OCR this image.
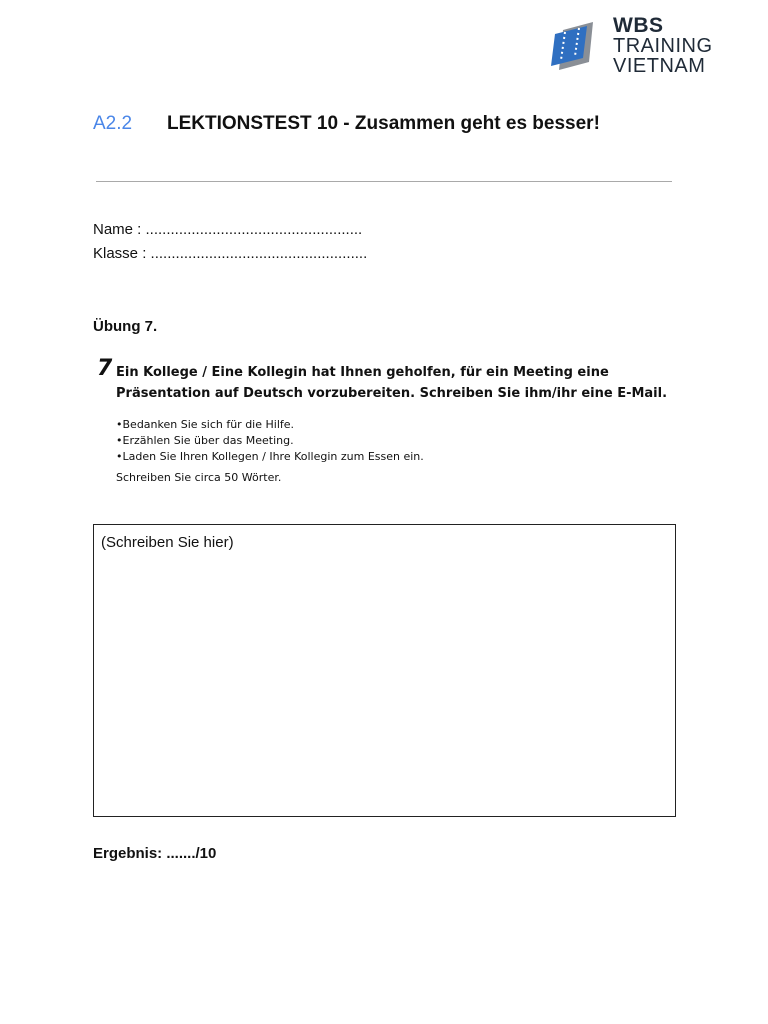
WBS
TRAINING
VIETNAM
A2.2 LEKTIONSTEST 10 - Zusammen geht es besser!
Name : ....................................................
Klasse : ....................................................
Übung 7.
7 Ein Kollege / Eine Kollegin hat Ihnen geholfen, für ein Meeting eine Präsentation auf Deutsch vorzubereiten. Schreiben Sie ihm/ihr eine E-Mail.
• Bedanken Sie sich für die Hilfe.
• Erzählen Sie über das Meeting.
• Laden Sie Ihren Kollegen / Ihre Kollegin zum Essen ein.
Schreiben Sie circa 50 Wörter.
(Schreiben Sie hier)
Ergebnis: ......./10
